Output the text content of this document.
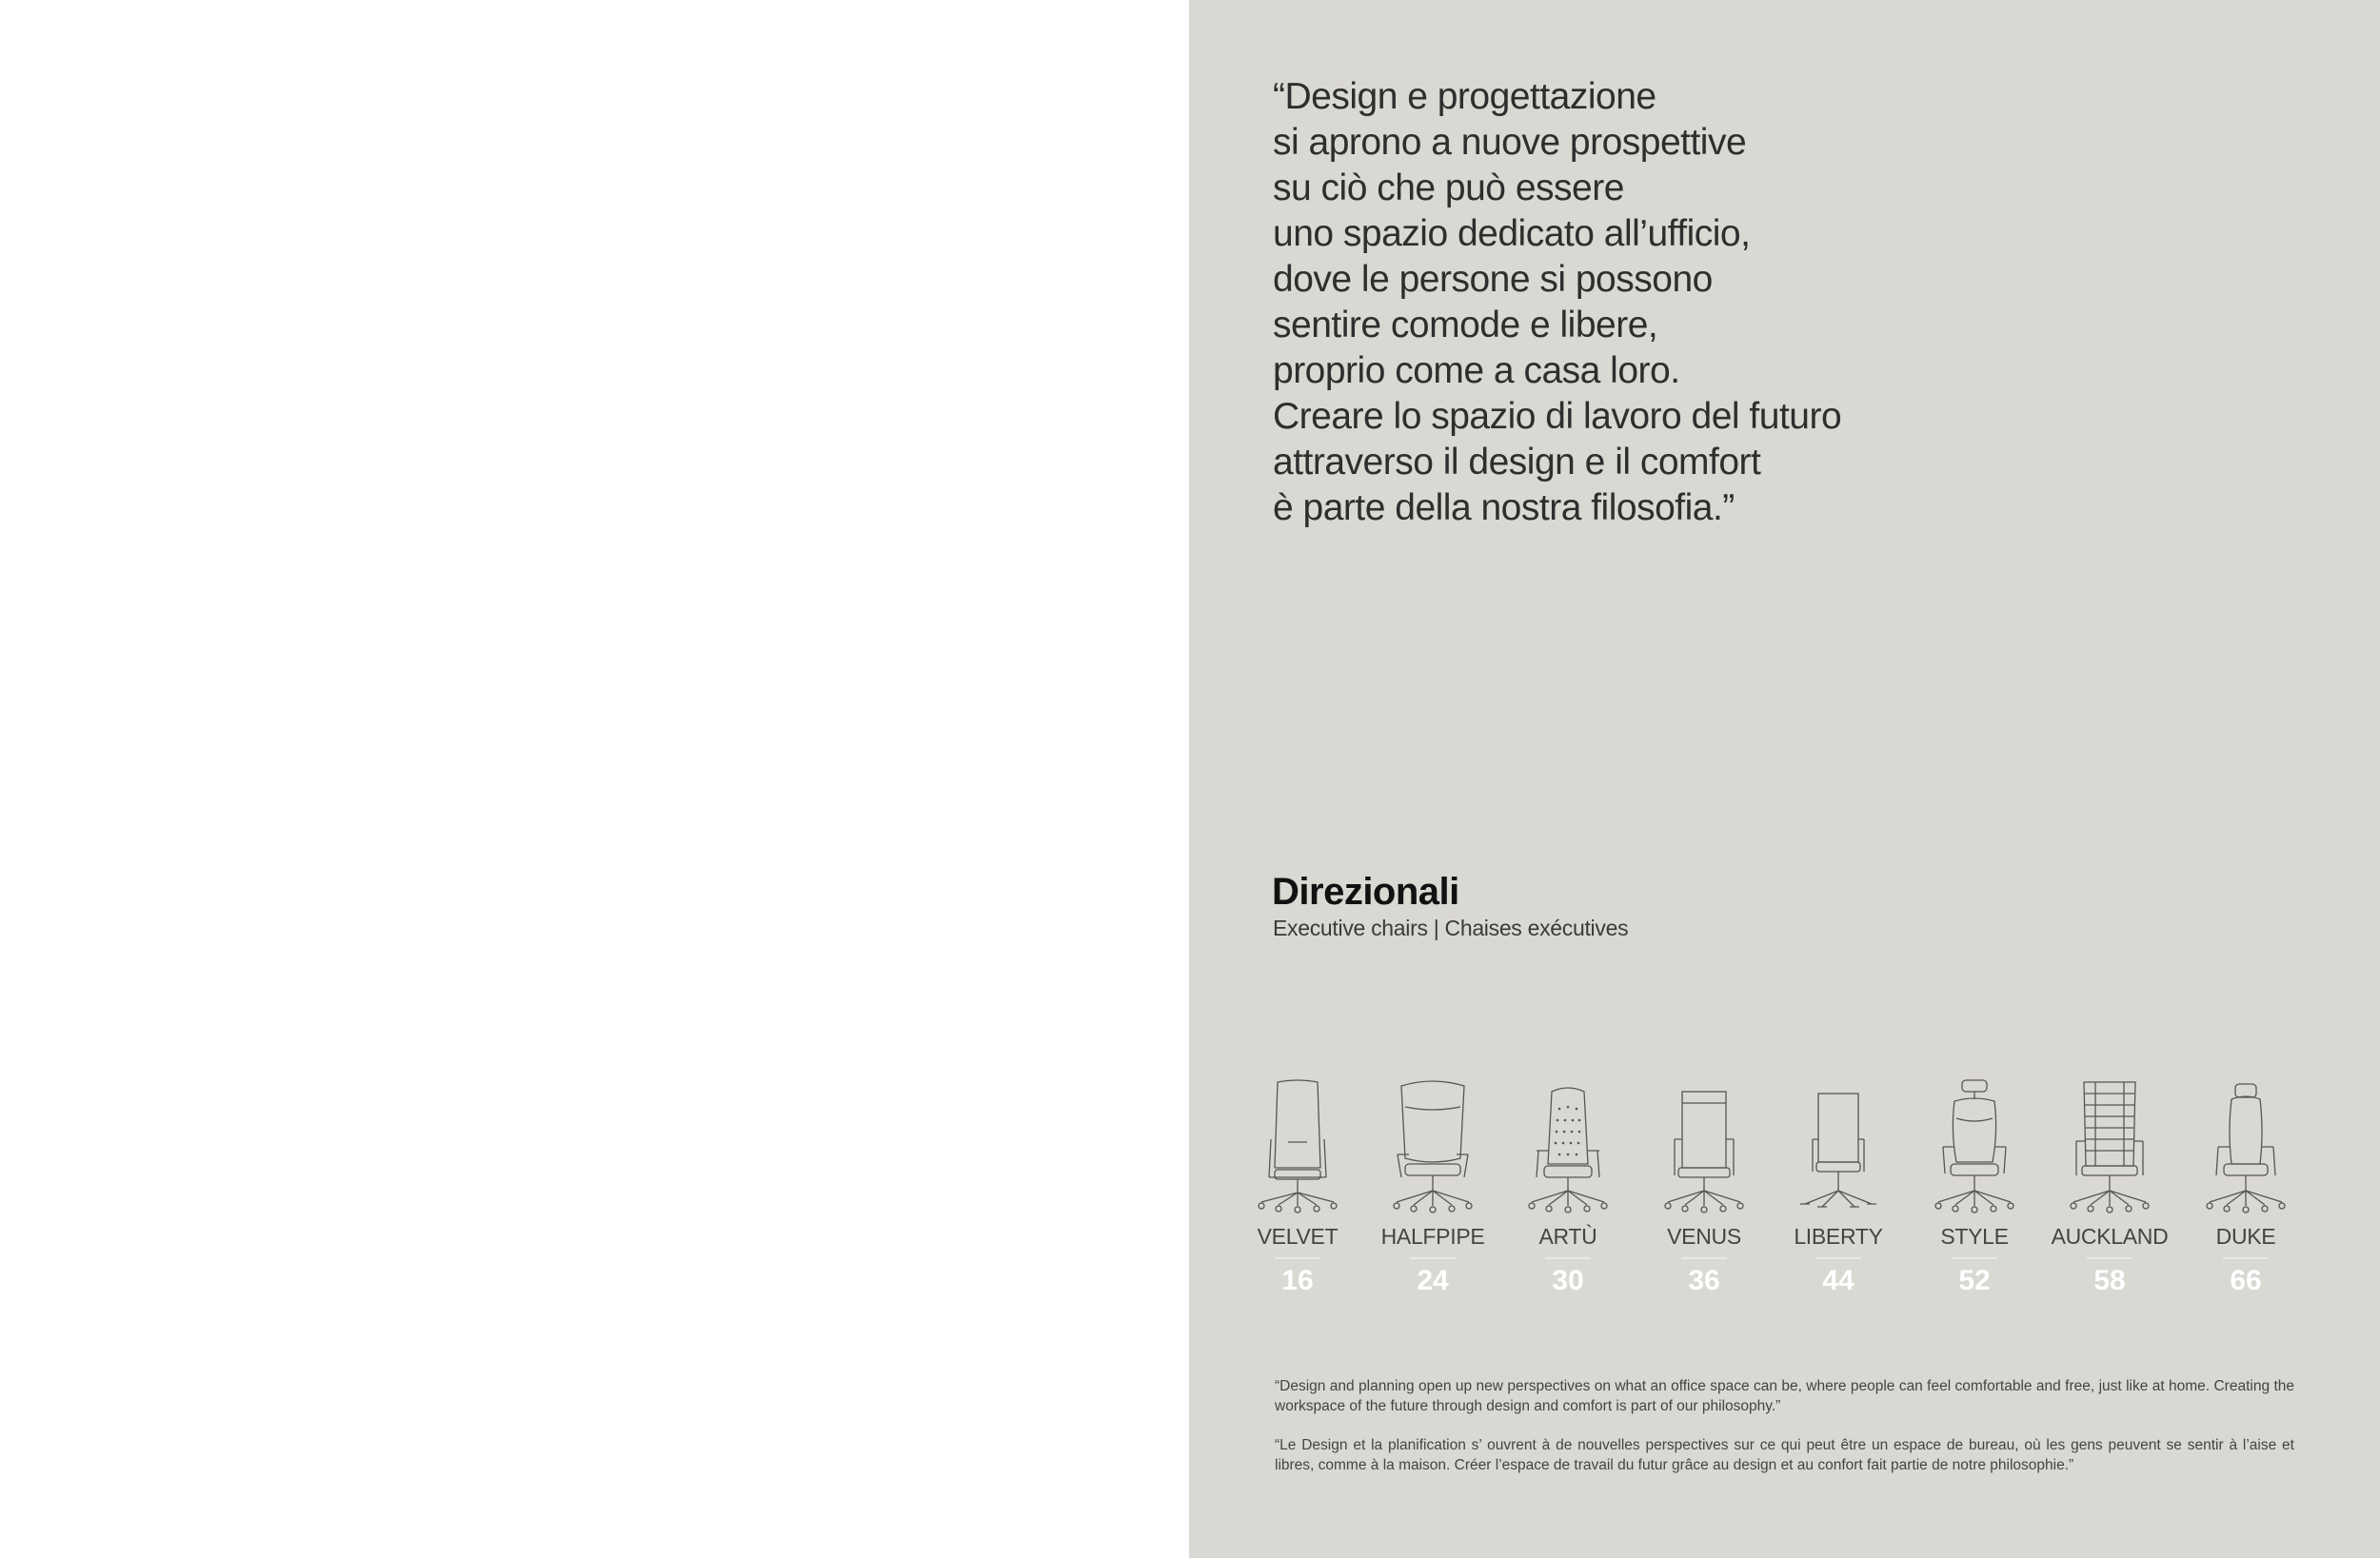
“Design e progettazione
si aprono a nuove prospettive
su ciò che può essere
uno spazio dedicato all’ufficio,
dove le persone si possono
sentire comode e libere,
proprio come a casa loro.
Creare lo spazio di lavoro del futuro
attraverso il design e il comfort
è parte della nostra filosofia.”
Direzionali
Executive chairs | Chaises exécutives
VELVET
16
HALFPIPE
24
ARTÙ
30
VENUS
36
LIBERTY
44
STYLE
52
AUCKLAND
58
DUKE
66

“Design and planning open up new perspectives on what an office space can be, where people can feel comfortable and free, just like at home. Creating the workspace of the future through design and comfort is part of our philosophy.”

“Le Design et la planification s’ ouvrent à de nouvelles perspectives sur ce qui peut être un espace de bureau, où les gens peuvent se sentir à l’aise et libres, comme à la maison. Créer l’espace de travail du futur grâce au design et au confort fait partie de notre philosophie.”
